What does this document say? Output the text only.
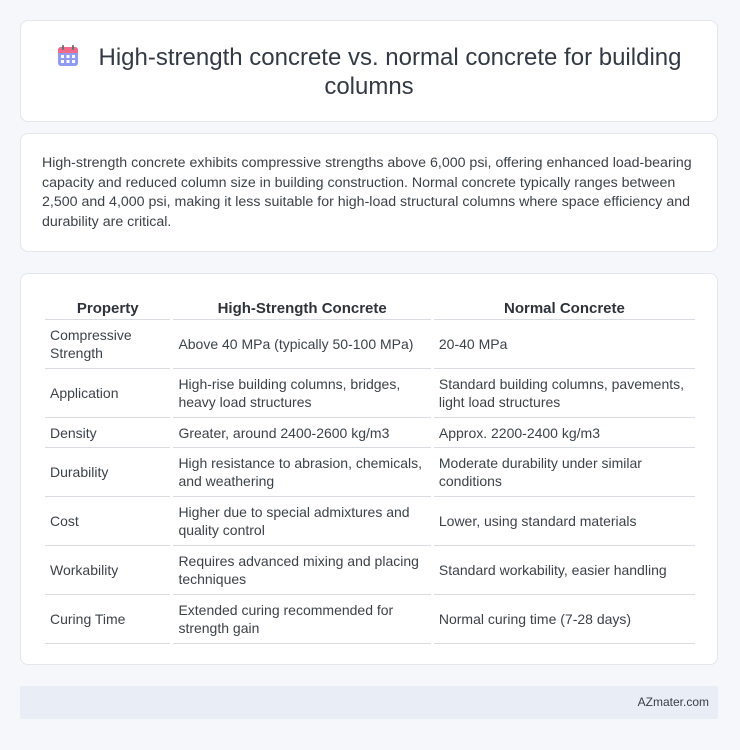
High-strength concrete vs. normal concrete for building columns

High-strength concrete exhibits compressive strengths above 6,000 psi, offering enhanced load-bearing capacity and reduced column size in building construction. Normal concrete typically ranges between 2,500 and 4,000 psi, making it less suitable for high-load structural columns where space efficiency and durability are critical.

Property	High-Strength Concrete	Normal Concrete
Compressive Strength	Above 40 MPa (typically 50-100 MPa)	20-40 MPa
Application	High-rise building columns, bridges, heavy load structures	Standard building columns, pavements, light load structures
Density	Greater, around 2400-2600 kg/m3	Approx. 2200-2400 kg/m3
Durability	High resistance to abrasion, chemicals, and weathering	Moderate durability under similar conditions
Cost	Higher due to special admixtures and quality control	Lower, using standard materials
Workability	Requires advanced mixing and placing techniques	Standard workability, easier handling
Curing Time	Extended curing recommended for strength gain	Normal curing time (7-28 days)
AZmater.com
